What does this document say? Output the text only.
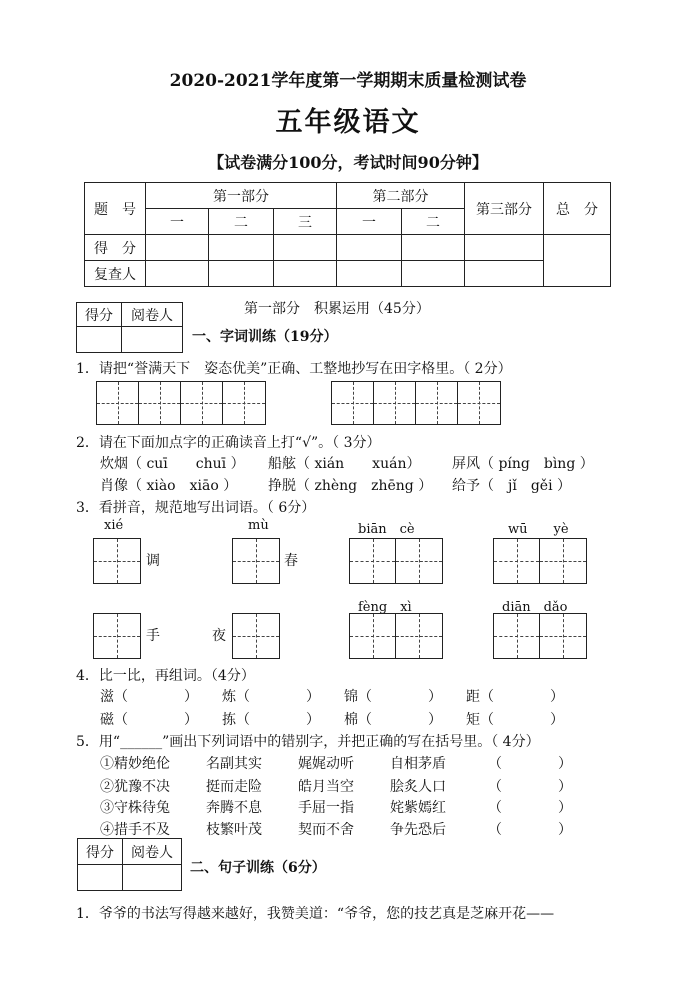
2020-2021学年度第一学期期末质量检测试卷
五年级语文
【试卷满分100分，考试时间90分钟】
题　号	第一部分			第二部分		第三部分	总　分
	一	二	三	一	二		
得　分							
复查人							
得分	阅卷人
		第一部分　积累运用（45分）
一、字词训练（19分）
1．请把“誉满天下　姿态优美”正确、工整地抄写在田字格里。（ 2分）
2．请在下面加点字的正确读音上打“√”。（ 3分）
炊烟（ cuī　　chuī ） 船舷（ xián　　xuán） 屏风（ píng　bìng ）
肖像（ xiào　xiāo ） 挣脱（ zhèng　zhēng ） 给予（　jǐ　gěi ）
3．看拼音，规范地写出词语。（ 6分）
xié	mù	biān　cè	wū　　yè
调	春
fèng　xì	diān　dǎo
手	夜
4．比一比，再组词。（4分）
滋（　　　　） 炼（　　　　） 锦（　　　　） 距（　　　　）
磁（　　　　） 拣（　　　　） 棉（　　　　） 矩（　　　　）
5．用“______”画出下列词语中的错别字，并把正确的写在括号里。（ 4分）
①精妙绝伦	名副其实	娓娓动听	自相茅盾	（　　　　）
②犹豫不决	挺而走险	皓月当空	脍炙人口	（　　　　）
③守株待兔	奔腾不息	手屈一指	姹紫嫣红	（　　　　）
④措手不及	枝繁叶茂	契而不舍	争先恐后	（　　　　）
得分	阅卷人

二、句子训练（6分）
1．爷爷的书法写得越来越好，我赞美道：“爷爷，您的技艺真是芝麻开花——
